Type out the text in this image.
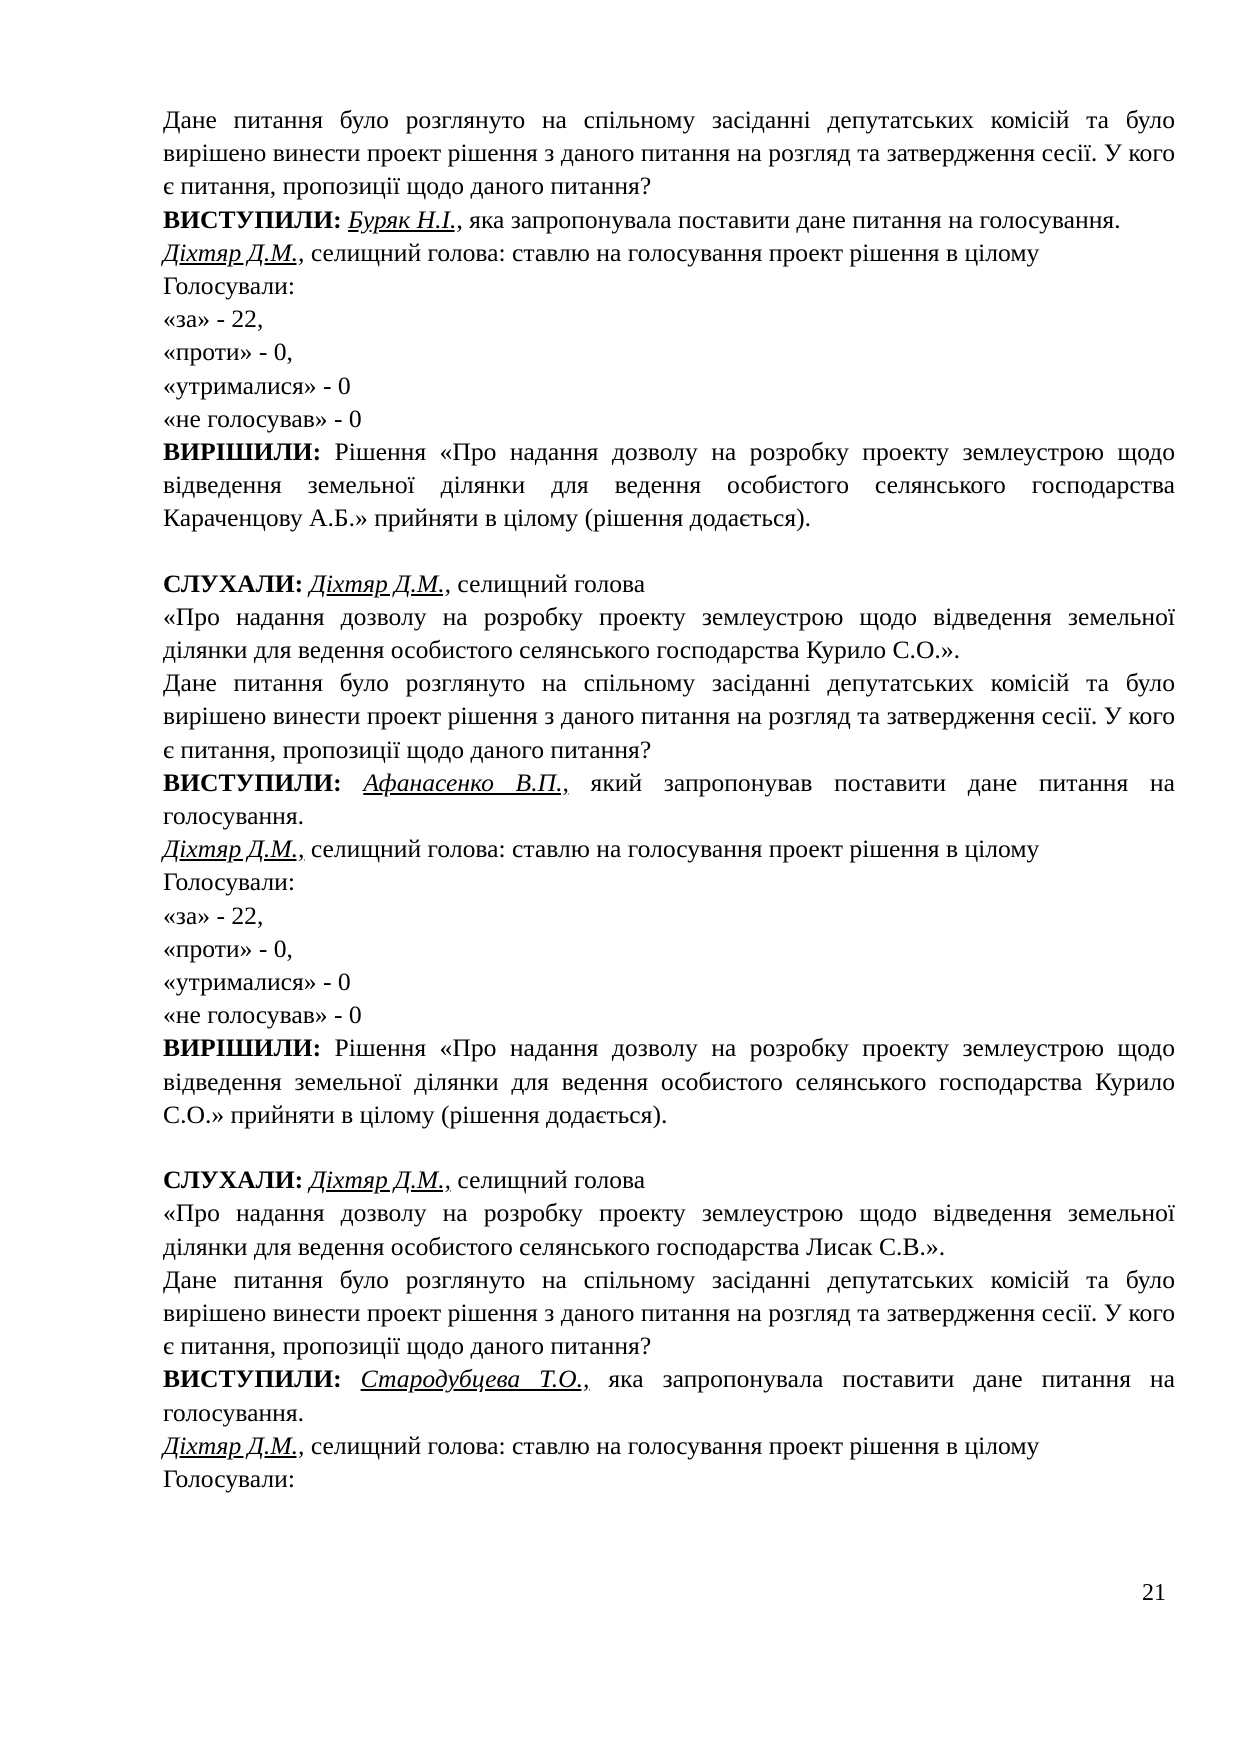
Дане питання було розглянуто на спільному засіданні депутатських комісій та було вирішено винести проект рішення з даного питання на розгляд та затвердження сесії. У кого є питання, пропозиції щодо даного питання?

ВИСТУПИЛИ: Буряк Н.І., яка запропонувала поставити дане питання на голосування.

Діхтяр Д.М., селищний голова: ставлю на голосування проект рішення в цілому

Голосували:

«за» - 22,

«проти» - 0,

«утрималися» - 0

«не голосував» - 0

ВИРІШИЛИ: Рішення «Про надання дозволу на розробку проекту землеустрою щодо відведення земельної ділянки для ведення особистого селянського господарства Караченцову А.Б.» прийняти в цілому (рішення додається).

СЛУХАЛИ: Діхтяр Д.М., селищний голова

«Про надання дозволу на розробку проекту землеустрою щодо відведення земельної ділянки для ведення особистого селянського господарства Курило С.О.».

Дане питання було розглянуто на спільному засіданні депутатських комісій та було вирішено винести проект рішення з даного питання на розгляд та затвердження сесії. У кого є питання, пропозиції щодо даного питання?

ВИСТУПИЛИ: Афанасенко В.П., який запропонував поставити дане питання на голосування.

Діхтяр Д.М., селищний голова: ставлю на голосування проект рішення в цілому

Голосували:

«за» - 22,

«проти» - 0,

«утрималися» - 0

«не голосував» - 0

ВИРІШИЛИ: Рішення «Про надання дозволу на розробку проекту землеустрою щодо відведення земельної ділянки для ведення особистого селянського господарства Курило С.О.» прийняти в цілому (рішення додається).

СЛУХАЛИ: Діхтяр Д.М., селищний голова

«Про надання дозволу на розробку проекту землеустрою щодо відведення земельної ділянки для ведення особистого селянського господарства Лисак С.В.».

Дане питання було розглянуто на спільному засіданні депутатських комісій та було вирішено винести проект рішення з даного питання на розгляд та затвердження сесії. У кого є питання, пропозиції щодо даного питання?

ВИСТУПИЛИ: Стародубцева Т.О., яка запропонувала поставити дане питання на голосування.

Діхтяр Д.М., селищний голова: ставлю на голосування проект рішення в цілому

Голосували:

21
